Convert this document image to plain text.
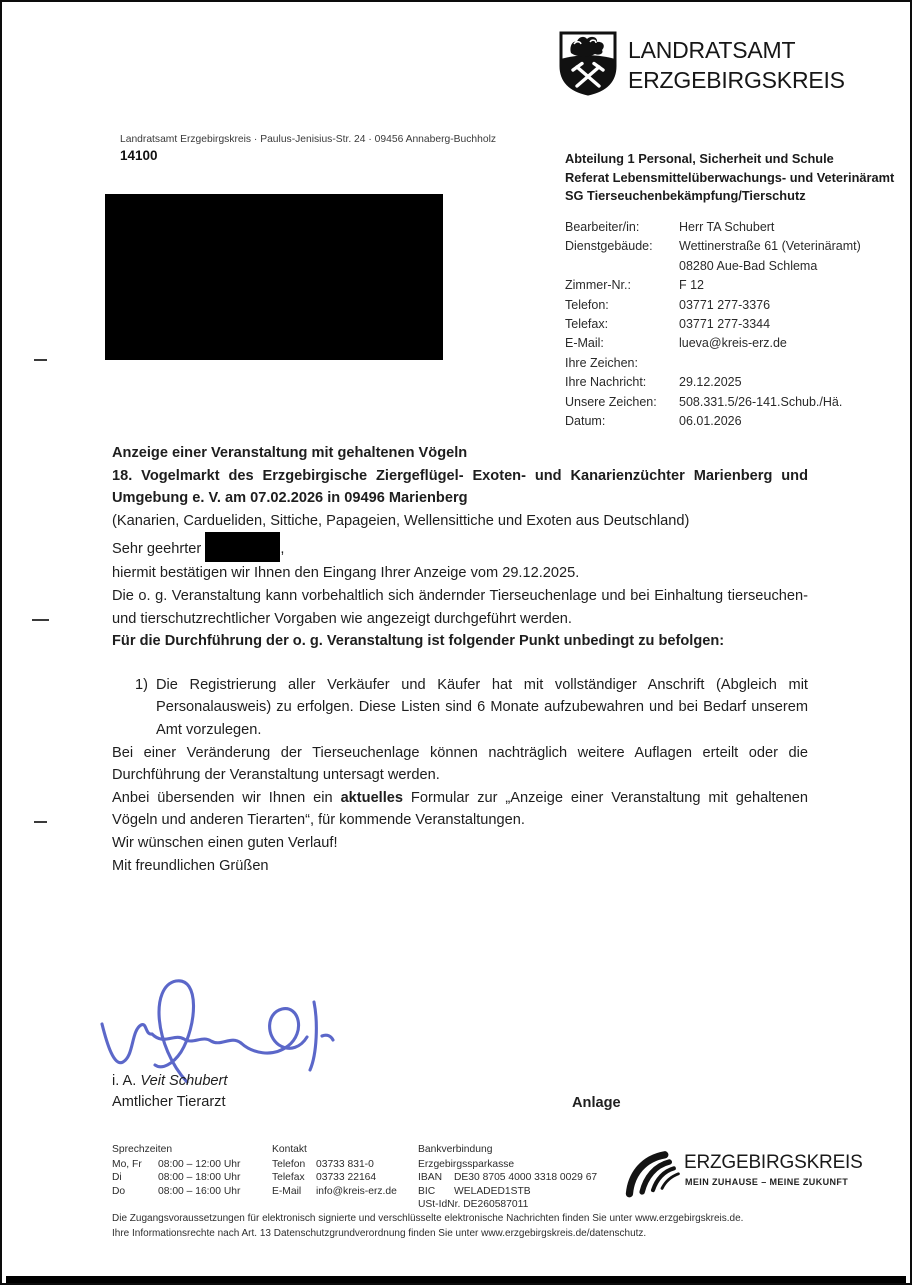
LANDRATSAMT
ERZGEBIRGSKREIS
Landratsamt Erzgebirgskreis · Paulus-Jenisius-Str. 24 · 09456 Annaberg-Buchholz
14100	Abteilung 1 Personal, Sicherheit und Schule
Referat Lebensmittelüberwachungs- und Veterinäramt
SG Tierseuchenbekämpfung/Tierschutz
Bearbeiter/in:	Herr TA Schubert
Dienstgebäude:	Wettinerstraße 61 (Veterinäramt)
08280 Aue-Bad Schlema
Zimmer-Nr.:	F 12
Telefon:	03771 277-3376
Telefax:	03771 277-3344
E-Mail:	lueva@kreis-erz.de
Ihre Zeichen:
Ihre Nachricht:	29.12.2025
Unsere Zeichen:	508.331.5/26-141.Schub./Hä.
Datum:	06.01.2026

Anzeige einer Veranstaltung mit gehaltenen Vögeln

18. Vogelmarkt des Erzgebirgische Ziergeflügel- Exoten- und Kanarienzüchter Marienberg und Umgebung e. V. am 07.02.2026 in 09496 Marienberg

(Kanarien, Cardueliden, Sittiche, Papageien, Wellensittiche und Exoten aus Deutschland)

Sehr geehrter	,

hiermit bestätigen wir Ihnen den Eingang Ihrer Anzeige vom 29.12.2025.

Die o. g. Veranstaltung kann vorbehaltlich sich ändernder Tierseuchenlage und bei Einhaltung tierseuchen- und tierschutzrechtlicher Vorgaben wie angezeigt durchgeführt werden.

Für die Durchführung der o. g. Veranstaltung ist folgender Punkt unbedingt zu befolgen:

1) Die Registrierung aller Verkäufer und Käufer hat mit vollständiger Anschrift (Abgleich mit Personalausweis) zu erfolgen. Diese Listen sind 6 Monate aufzubewahren und bei Bedarf unserem Amt vorzulegen.

Bei einer Veränderung der Tierseuchenlage können nachträglich weitere Auflagen erteilt oder die Durchführung der Veranstaltung untersagt werden.

Anbei übersenden wir Ihnen ein aktuelles Formular zur „Anzeige einer Veranstaltung mit gehaltenen Vögeln und anderen Tierarten“, für kommende Veranstaltungen.

Wir wünschen einen guten Verlauf!

Mit freundlichen Grüßen

i. A. Veit Schubert
Amtlicher Tierarzt	Anlage
Sprechzeiten
Mo, Fr 08:00 – 12:00 Uhr
Di	08:00 – 18:00 Uhr
Do	08:00 – 16:00 Uhr
Kontakt
Telefon 03733 831-0
Telefax 03733 22164
E-Mail info@kreis-erz.de
Bankverbindung
Erzgebirgssparkasse
IBAN DE30 8705 4000 3318 0029 67
BIC WELADED1STB
USt-IdNr. DE260587011
ERZGEBIRGSKREIS
MEIN ZUHAUSE – MEINE ZUKUNFT
Die Zugangsvoraussetzungen für elektronisch signierte und verschlüsselte elektronische Nachrichten finden Sie unter www.erzgebirgskreis.de.
Ihre Informationsrechte nach Art. 13 Datenschutzgrundverordnung finden Sie unter www.erzgebirgskreis.de/datenschutz.
